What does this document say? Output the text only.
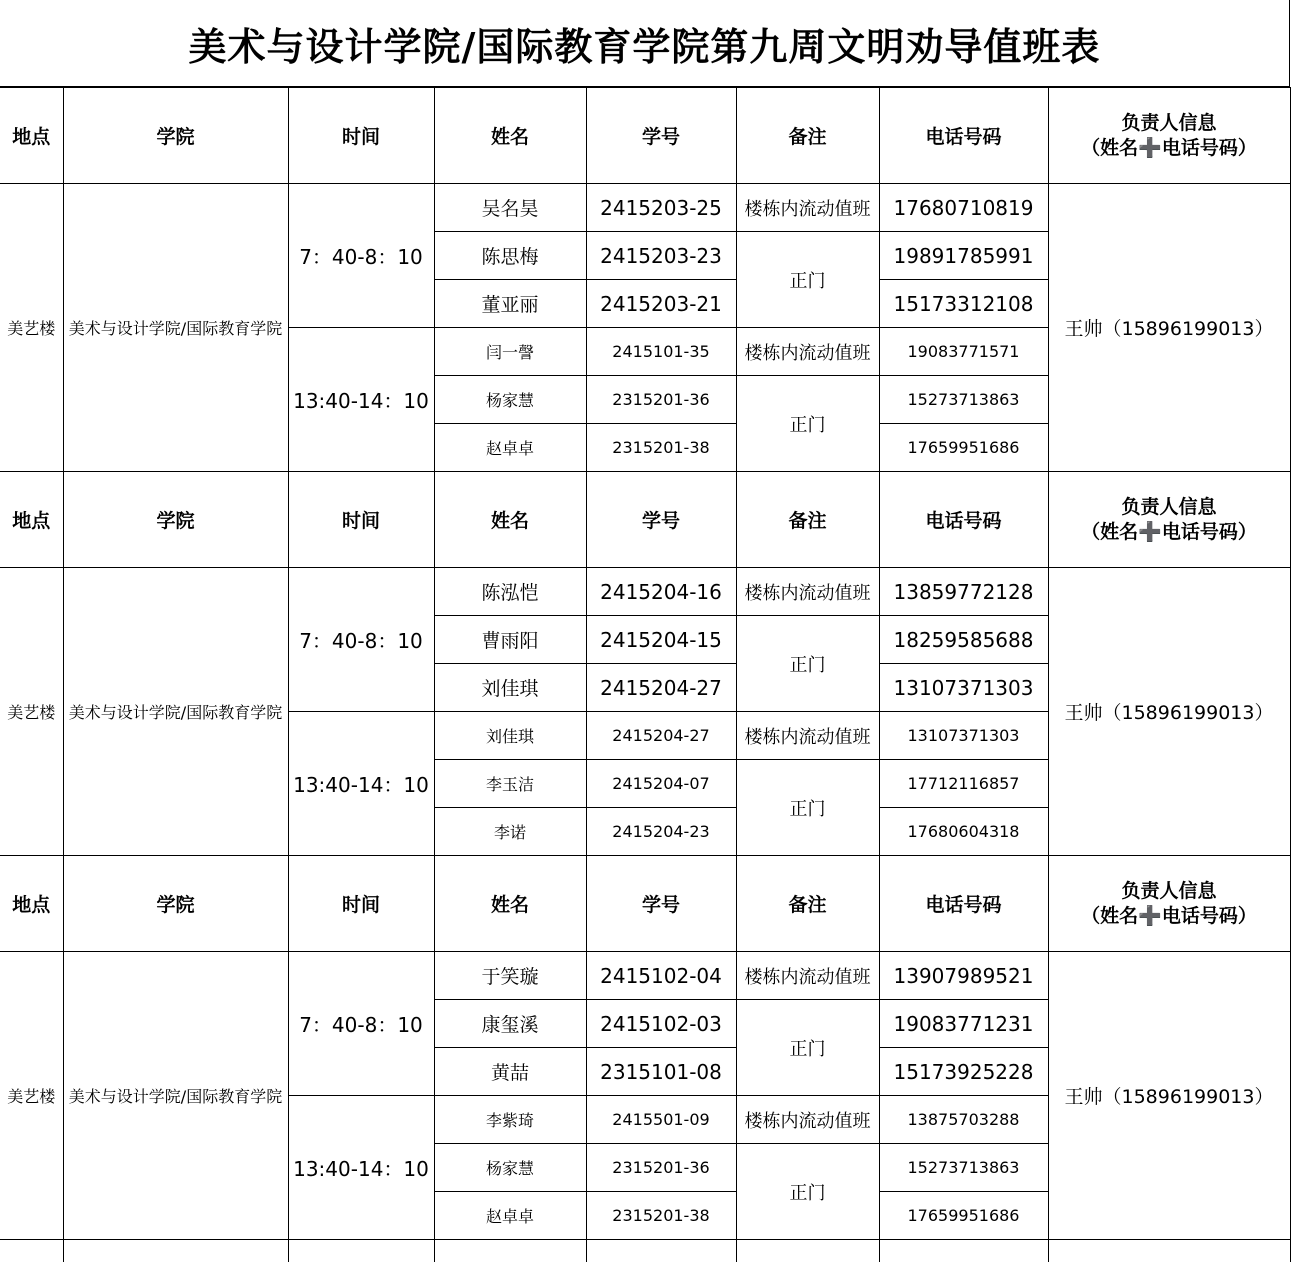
美术与设计学院/国际教育学院第九周文明劝导值班表
地点	学院	时间	姓名	学号	备注	电话号码	负责人信息
（姓名➕电话号码）

美艺楼	美术与设计学院/国际教育学院	7：40-8：10	吴名昊	2415203-25	楼栋内流动值班	17680710819	王帅（15896199013）
			陈思梅	2415203-23	正门	19891785991	
			董亚丽	2415203-21		15173312108	
		13:40-14：10	闫一謦	2415101-35	楼栋内流动值班	19083771571	
			杨家慧	2315201-36	正门	15273713863	
			赵卓卓	2315201-38		17659951686	
地点	学院	时间	姓名	学号	备注	电话号码	负责人信息
（姓名➕电话号码）

美艺楼	美术与设计学院/国际教育学院	7：40-8：10	陈泓恺	2415204-16	楼栋内流动值班	13859772128	王帅（15896199013）
			曹雨阳	2415204-15	正门	18259585688	
			刘佳琪	2415204-27		13107371303	
		13:40-14：10	刘佳琪	2415204-27	楼栋内流动值班	13107371303	
			李玉洁	2415204-07	正门	17712116857	
			李诺	2415204-23		17680604318	
地点	学院	时间	姓名	学号	备注	电话号码	负责人信息
（姓名➕电话号码）

美艺楼	美术与设计学院/国际教育学院	7：40-8：10	于笑璇	2415102-04	楼栋内流动值班	13907989521	王帅（15896199013）
			康玺溪	2415102-03	正门	19083771231	
			黄喆	2315101-08		15173925228	
		13:40-14：10	李紫琦	2415501-09	楼栋内流动值班	13875703288	
			杨家慧	2315201-36	正门	15273713863	
			赵卓卓	2315201-38		17659951686	
